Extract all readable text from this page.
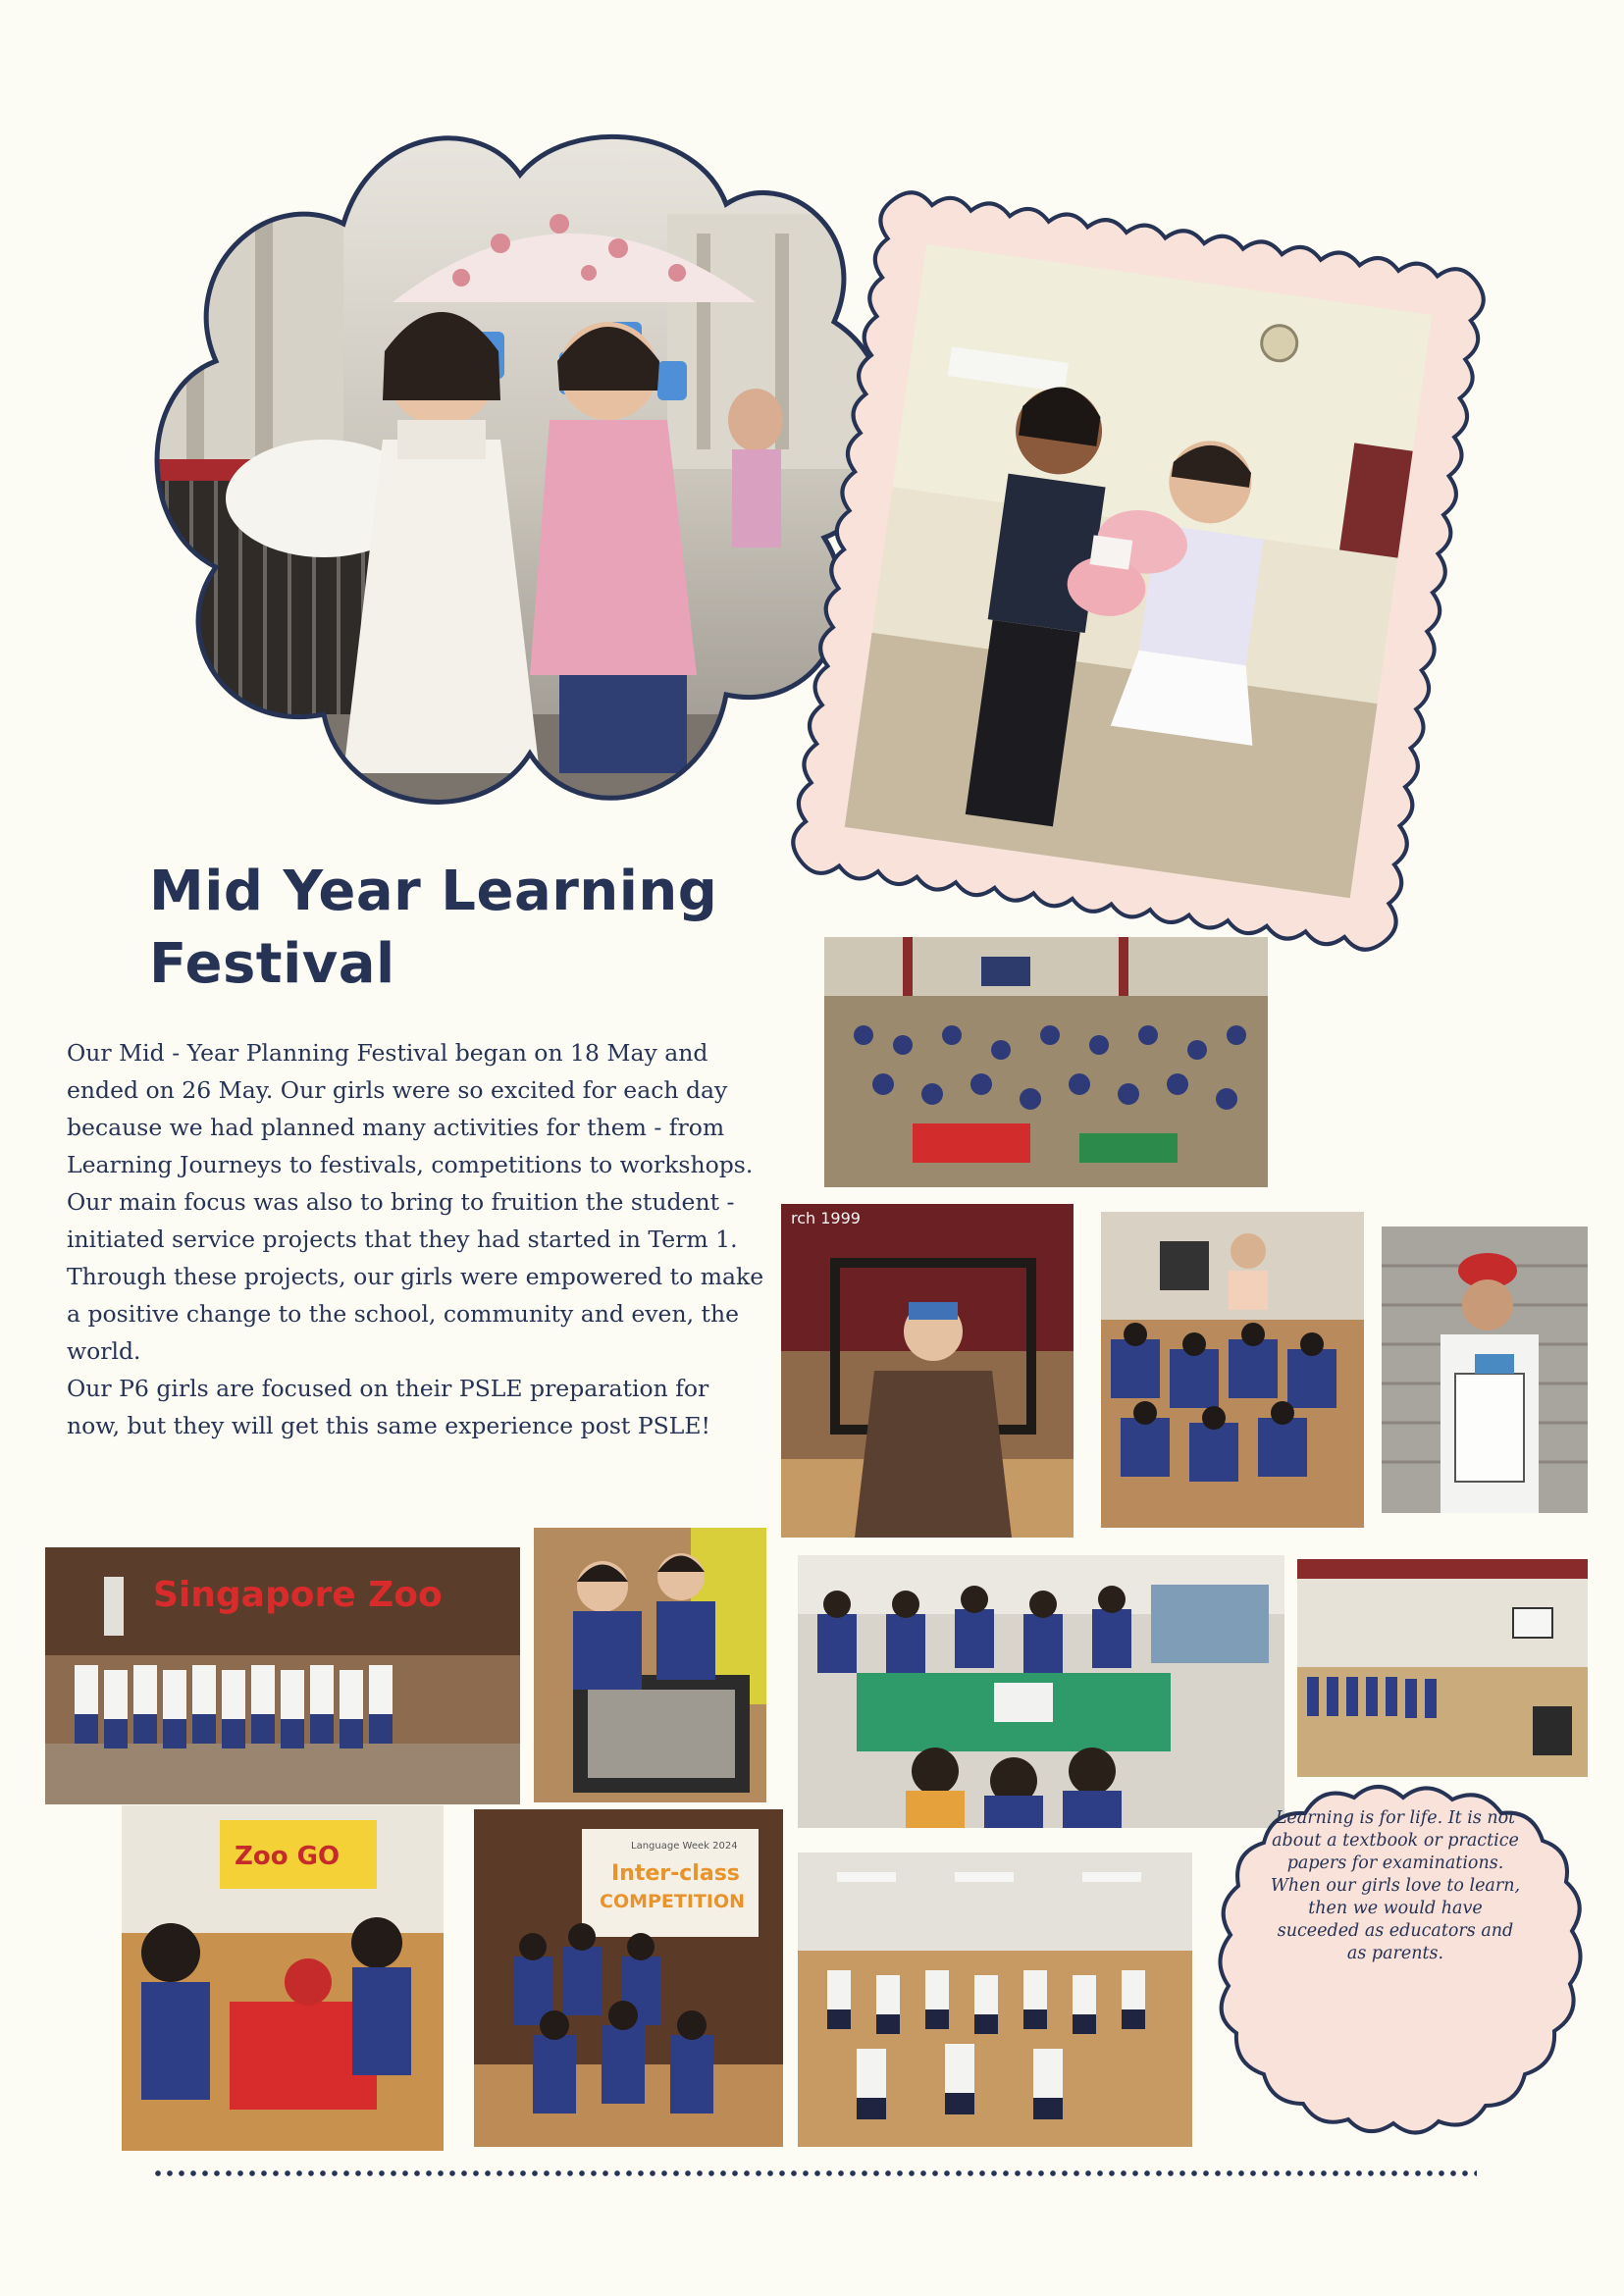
Mid Year Learning Festival

Our Mid - Year Planning Festival began on 18 May and ended on 26 May. Our girls were so excited for each day because we had planned many activities for them - from Learning Journeys to festivals, competitions to workshops. Our main focus was also to bring to fruition the student - initiated service projects that they had started in Term 1. Through these projects, our girls were empowered to make a positive change to the school, community and even, the world.

Our P6 girls are focused on their PSLE preparation for now, but they will get this same experience post PSLE!

rch 1999
Singapore Zoo
Zoo GO	Language Week 2024
Inter-class
COMPETITION
Learning is for life. It is not about a textbook or practice papers for examinations. When our girls love to learn, then we would have suceeded as educators and as parents.
